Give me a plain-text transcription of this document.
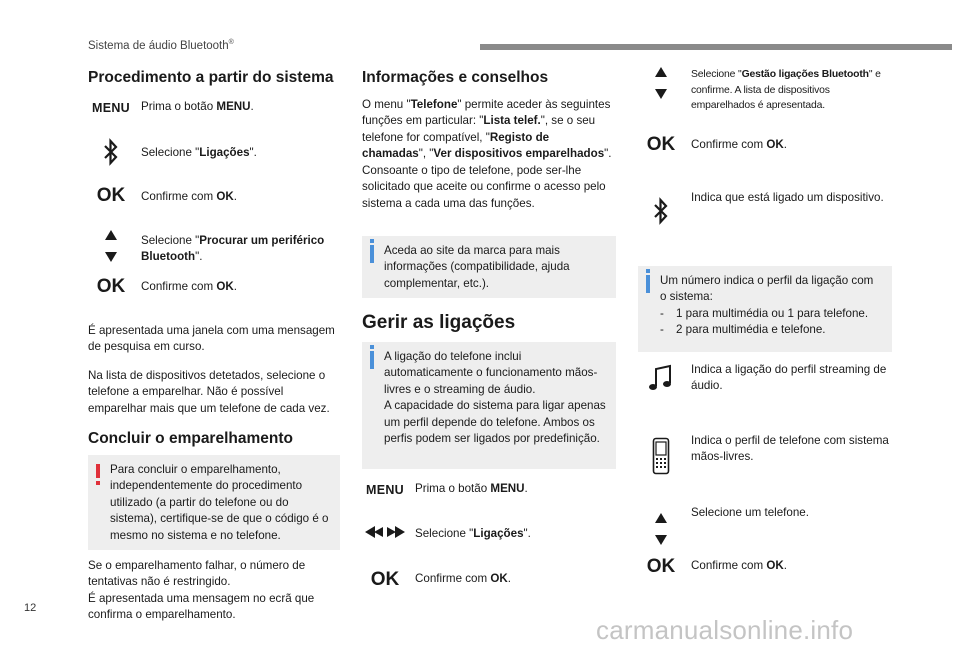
Sistema de áudio Bluetooth®
Procedimento a partir do sistema
MENU Prima o botão MENU.
Selecione "Ligações".
OK	Confirme com OK.
Selecione "Procurar um periférico Bluetooth".
OK	Confirme com OK.
É apresentada uma janela com uma mensagem de pesquisa em curso.
Na lista de dispositivos detetados, selecione o telefone a emparelhar. Não é possível emparelhar mais que um telefone de cada vez.
Concluir o emparelhamento
Para concluir o emparelhamento, independentemente do procedimento utilizado (a partir do telefone ou do sistema), certifique-se de que o código é o mesmo no sistema e no telefone.

Se o emparelhamento falhar, o número de tentativas não é restringido.

É apresentada uma mensagem no ecrã que confirma o emparelhamento.

Informações e conselhos

O menu "Telefone" permite aceder às seguintes funções em particular: "Lista telef.", se o seu telefone for compatível, "Registo de chamadas", "Ver dispositivos emparelhados".

Consoante o tipo de telefone, pode ser-lhe solicitado que aceite ou confirme o acesso pelo sistema a cada uma das funções.

Aceda ao site da marca para mais informações (compatibilidade, ajuda complementar, etc.).
Gerir as ligações

A ligação do telefone inclui automaticamente o funcionamento mãos-livres e o streaming de áudio.

A capacidade do sistema para ligar apenas um perfil depende do telefone. Ambos os perfis podem ser ligados por predefinição.

MENU Prima o botão MENU.
Selecione "Ligações".
OK	Confirme com OK.
Selecione "Gestão ligações Bluetooth" e confirme. A lista de dispositivos emparelhados é apresentada.
OK	Confirme com OK.
Indica que está ligado um dispositivo.

Um número indica o perfil da ligação com o sistema:

-	1 para multimédia ou 1 para telefone.
-	2 para multimédia e telefone.
Indica a ligação do perfil streaming de áudio.
Indica o perfil de telefone com sistema mãos-livres.
Selecione um telefone.
OK	Confirme com OK.
12
carmanualsonline.info
